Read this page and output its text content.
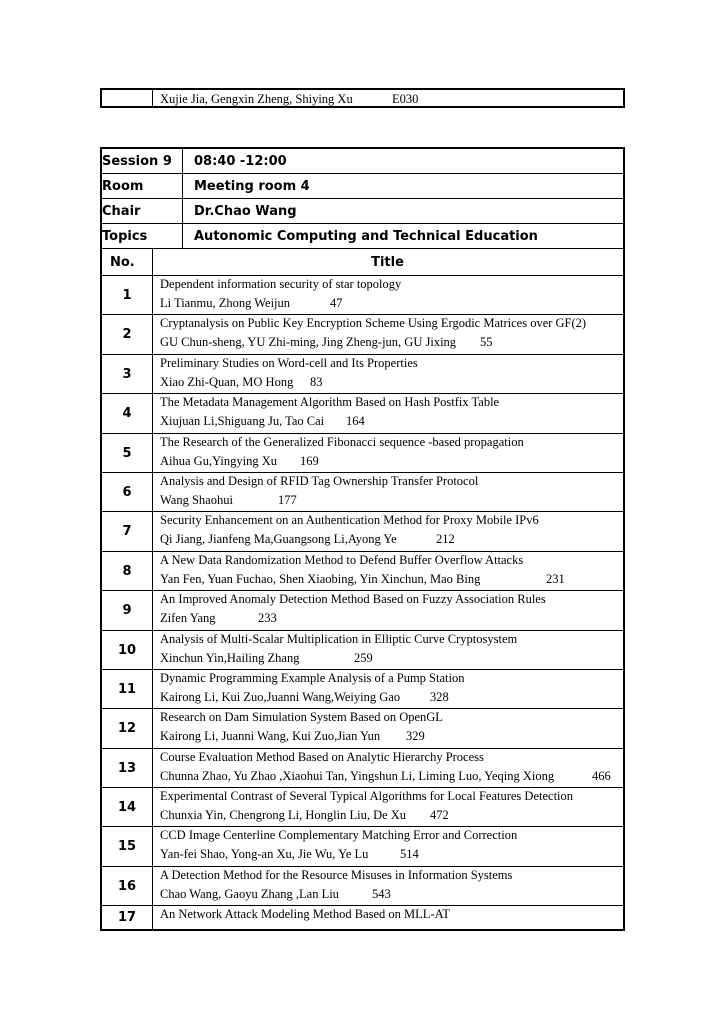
Xujie Jia, Gengxin Zheng, Shiying Xu	E030
Session 9 08:40 -12:00
Room	Meeting room 4
Chair	Dr.Chao Wang
Topics	Autonomic Computing and Technical Education
No.	Title
1
Dependent information security of star topology
Li Tianmu, Zhong Weijun	47
2
Cryptanalysis on Public Key Encryption Scheme Using Ergodic Matrices over GF(2)
GU Chun-sheng, YU Zhi-ming, Jing Zheng-jun, GU Jixing 55
3
Preliminary Studies on Word-cell and Its Properties
Xiao Zhi-Quan, MO Hong 83
4
The Metadata Management Algorithm Based on Hash Postfix Table
Xiujuan Li,Shiguang Ju, Tao Cai 164
5
The Research of the Generalized Fibonacci sequence -based propagation
Aihua Gu,Yingying Xu 169
6
Analysis and Design of RFID Tag Ownership Transfer Protocol
Wang Shaohui	177
7
Security Enhancement on an Authentication Method for Proxy Mobile IPv6
Qi Jiang, Jianfeng Ma,Guangsong Li,Ayong Ye	212
8
A New Data Randomization Method to Defend Buffer Overflow Attacks
Yan Fen, Yuan Fuchao, Shen Xiaobing, Yin Xinchun, Mao Bing	231
9
An Improved Anomaly Detection Method Based on Fuzzy Association Rules
Zifen Yang	233
10
Analysis of Multi-Scalar Multiplication in Elliptic Curve Cryptosystem
Xinchun Yin,Hailing Zhang	259
11
Dynamic Programming Example Analysis of a Pump Station
Kairong Li, Kui Zuo,Juanni Wang,Weiying Gao 328
12
Research on Dam Simulation System Based on OpenGL
Kairong Li, Juanni Wang, Kui Zuo,Jian Yun 329
13
Course Evaluation Method Based on Analytic Hierarchy Process
Chunna Zhao, Yu Zhao ,Xiaohui Tan, Yingshun Li, Liming Luo, Yeqing Xiong	466
14
Experimental Contrast of Several Typical Algorithms for Local Features Detection
Chunxia Yin, Chengrong Li, Honglin Liu, De Xu 472
15
CCD Image Centerline Complementary Matching Error and Correction
Yan-fei Shao, Yong-an Xu, Jie Wu, Ye Lu	514
16
A Detection Method for the Resource Misuses in Information Systems
Chao Wang, Gaoyu Zhang ,Lan Liu	543
17	An Network Attack Modeling Method Based on MLL-AT
